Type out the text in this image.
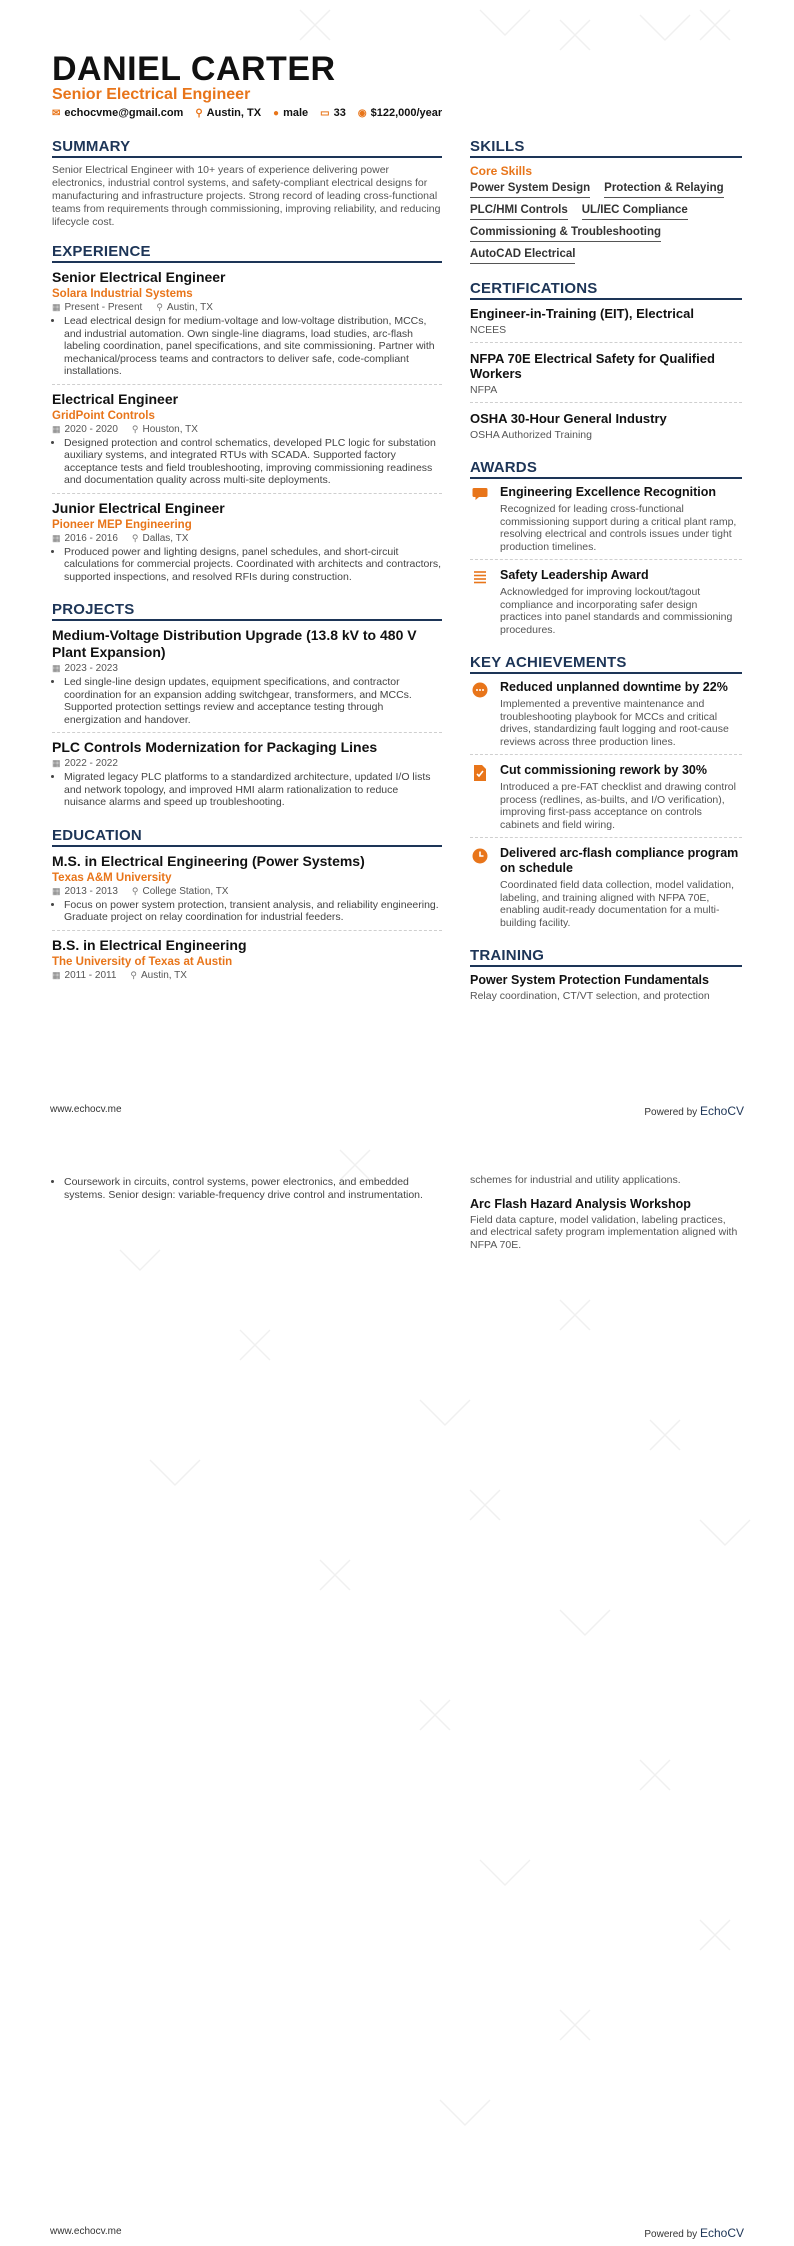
DANIEL CARTER
Senior Electrical Engineer
✉ echocvme@gmail.com ⚲ Austin, TX ● male ▭ 33 ◉ $122,000/year
SUMMARY
Senior Electrical Engineer with 10+ years of experience delivering power electronics, industrial control systems, and safety-compliant electrical designs for manufacturing and infrastructure projects. Strong record of leading cross-functional teams from requirements through commissioning, improving reliability, and reducing lifecycle cost.
EXPERIENCE
Senior Electrical Engineer
Solara Industrial Systems
▦ Present - Present ⚲ Austin, TX
• Lead electrical design for medium-voltage and low-voltage distribution, MCCs, and industrial automation. Own single-line diagrams, load studies, arc-flash labeling coordination, panel specifications, and site commissioning. Partner with mechanical/process teams and contractors to deliver safe, code-compliant installations.
Electrical Engineer
GridPoint Controls
▦ 2020 - 2020 ⚲ Houston, TX
• Designed protection and control schematics, developed PLC logic for substation auxiliary systems, and integrated RTUs with SCADA. Supported factory acceptance tests and field troubleshooting, improving commissioning readiness and documentation quality across multi-site deployments.
Junior Electrical Engineer
Pioneer MEP Engineering
▦ 2016 - 2016 ⚲ Dallas, TX
• Produced power and lighting designs, panel schedules, and short-circuit calculations for commercial projects. Coordinated with architects and contractors, supported inspections, and resolved RFIs during construction.
PROJECTS
Medium-Voltage Distribution Upgrade (13.8 kV to 480 V Plant Expansion)
▦ 2023 - 2023
• Led single-line design updates, equipment specifications, and contractor coordination for an expansion adding switchgear, transformers, and MCCs. Supported protection settings review and acceptance testing through energization and handover.
PLC Controls Modernization for Packaging Lines
▦ 2022 - 2022
• Migrated legacy PLC platforms to a standardized architecture, updated I/O lists and network topology, and improved HMI alarm rationalization to reduce nuisance alarms and speed up troubleshooting.
EDUCATION
M.S. in Electrical Engineering (Power Systems)
Texas A&M University
▦ 2013 - 2013 ⚲ College Station, TX
• Focus on power system protection, transient analysis, and reliability engineering. Graduate project on relay coordination for industrial feeders.
B.S. in Electrical Engineering
The University of Texas at Austin
▦ 2011 - 2011 ⚲ Austin, TX
SKILLS
Core Skills
Power System Design Protection & Relaying
PLC/HMI Controls UL/IEC Compliance
Commissioning & Troubleshooting
AutoCAD Electrical
CERTIFICATIONS
Engineer-in-Training (EIT), Electrical
NCEES
NFPA 70E Electrical Safety for Qualified Workers
NFPA
OSHA 30-Hour General Industry
OSHA Authorized Training
AWARDS
Engineering Excellence Recognition
Recognized for leading cross-functional commissioning support during a critical plant ramp, resolving electrical and controls issues under tight production timelines.
Safety Leadership Award
Acknowledged for improving lockout/tagout compliance and incorporating safer design practices into panel standards and commissioning procedures.
KEY ACHIEVEMENTS
Reduced unplanned downtime by 22%
Implemented a preventive maintenance and troubleshooting playbook for MCCs and critical drives, standardizing fault logging and root-cause reviews across three production lines.
Cut commissioning rework by 30%
Introduced a pre-FAT checklist and drawing control process (redlines, as-builts, and I/O verification), improving first-pass acceptance on controls cabinets and field wiring.
Delivered arc-flash compliance program on schedule
Coordinated field data collection, model validation, labeling, and training aligned with NFPA 70E, enabling audit-ready documentation for a multi-building facility.
TRAINING
Power System Protection Fundamentals
Relay coordination, CT/VT selection, and protection
www.echocv.me	Powered by EchoCV
• Coursework in circuits, control systems, power electronics, and embedded systems. Senior design: variable-frequency drive control and instrumentation.
schemes for industrial and utility applications.
Arc Flash Hazard Analysis Workshop
Field data capture, model validation, labeling practices, and electrical safety program implementation aligned with NFPA 70E.
www.echocv.me	Powered by EchoCV
